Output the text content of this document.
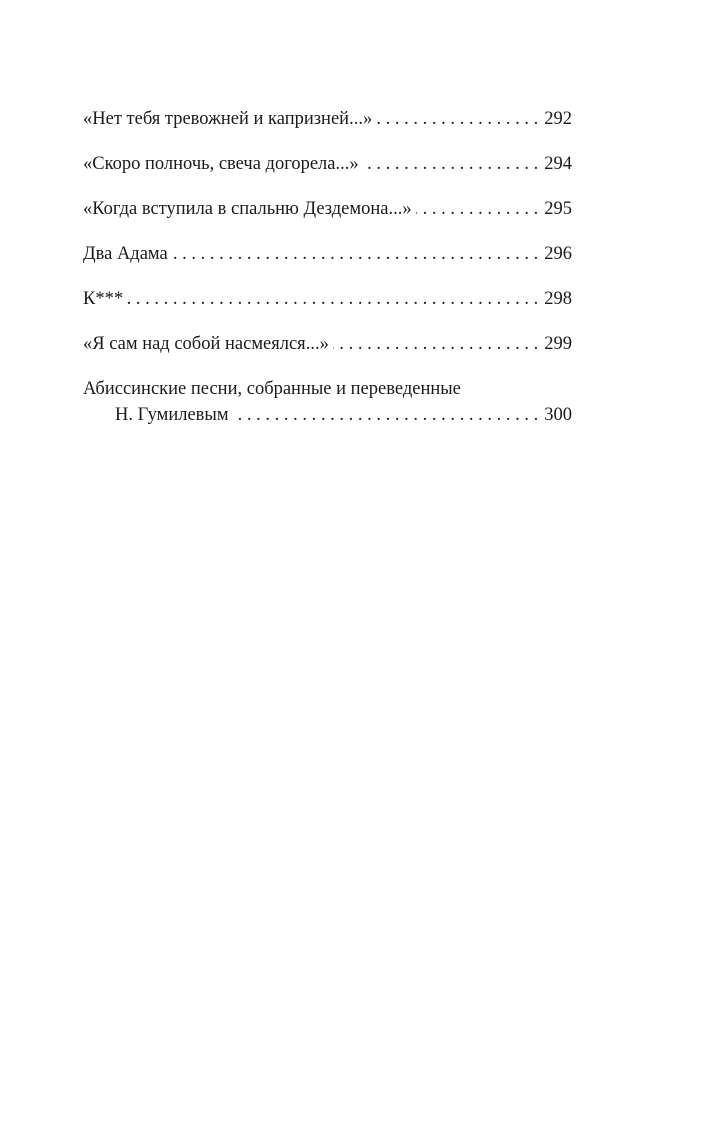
«Нет тебя тревожней и капризней...» . . .	292
«Скоро полночь, свеча догорела...» . . .	294
«Когда вступила в спальню Дездемона...» . . .	295
Два Адама . . .	296
К*** . . .	298
«Я сам над собой насмеялся...» . . .	299
Абиссинские песни, собранные и переведенные
Н. Гумилевым . . .	300
